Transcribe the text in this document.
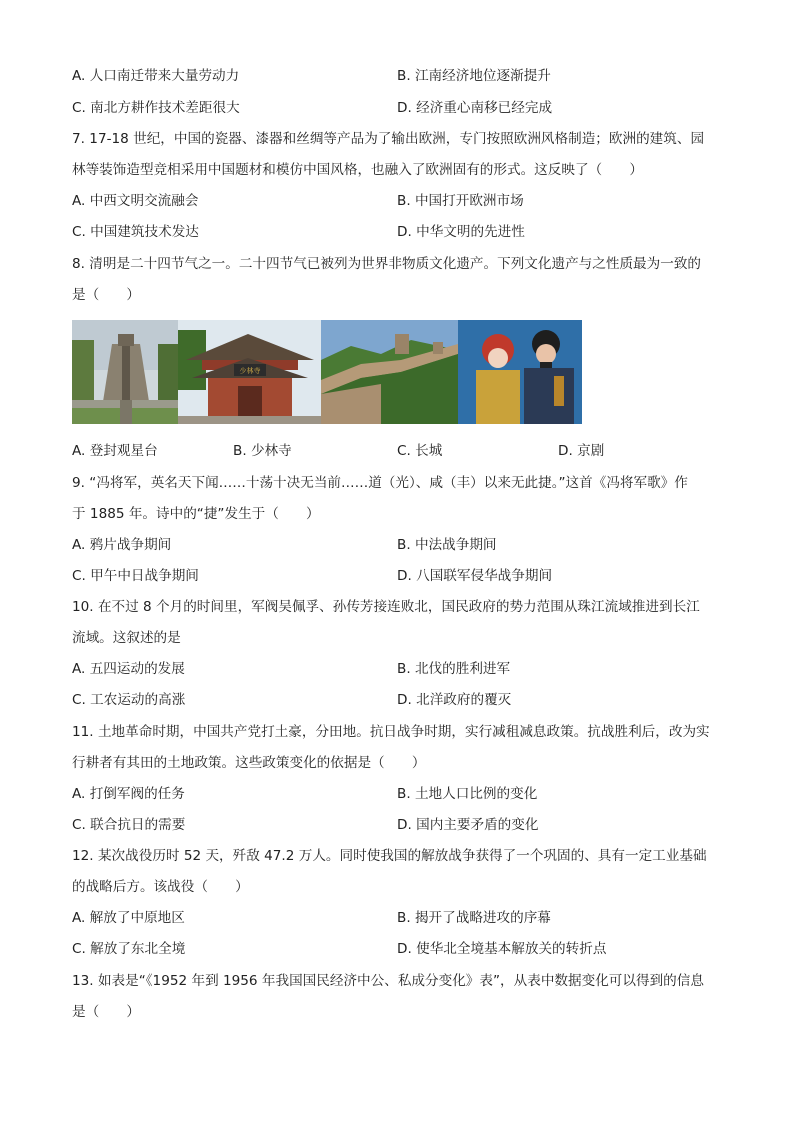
A. 人口南迁带来大量劳动力	B. 江南经济地位逐渐提升
C. 南北方耕作技术差距很大	D. 经济重心南移已经完成
7. 17-18 世纪，中国的瓷器、漆器和丝绸等产品为了输出欧洲，专门按照欧洲风格制造；欧洲的建筑、园
林等装饰造型竞相采用中国题材和模仿中国风格，也融入了欧洲固有的形式。这反映了（　　）
A. 中西文明交流融会	B. 中国打开欧洲市场
C. 中国建筑技术发达	D. 中华文明的先进性
8. 清明是二十四节气之一。二十四节气已被列为世界非物质文化遗产。下列文化遗产与之性质最为一致的
是（　　）
少林寺
A. 登封观星台	B. 少林寺	C. 长城	D. 京剧
9. “冯将军，英名天下闻……十荡十决无当前……道（光）、咸（丰）以来无此捷。”这首《冯将军歌》作
于 1885 年。诗中的“捷”发生于（　　）
A. 鸦片战争期间	B. 中法战争期间
C. 甲午中日战争期间	D. 八国联军侵华战争期间
10. 在不过 8 个月的时间里，军阀吴佩孚、孙传芳接连败北，国民政府的势力范围从珠江流域推进到长江
流域。这叙述的是
A. 五四运动的发展	B. 北伐的胜利进军
C. 工农运动的高涨	D. 北洋政府的覆灭
11. 土地革命时期，中国共产党打土豪，分田地。抗日战争时期，实行减租减息政策。抗战胜利后，改为实
行耕者有其田的土地政策。这些政策变化的依据是（　　）
A. 打倒军阀的任务	B. 土地人口比例的变化
C. 联合抗日的需要	D. 国内主要矛盾的变化
12. 某次战役历时 52 天，歼敌 47.2 万人。同时使我国的解放战争获得了一个巩固的、具有一定工业基础
的战略后方。该战役（　　）
A. 解放了中原地区	B. 揭开了战略进攻的序幕
C. 解放了东北全境	D. 使华北全境基本解放关的转折点
13. 如表是“《1952 年到 1956 年我国国民经济中公、私成分变化》表”，从表中数据变化可以得到的信息
是（　　）
